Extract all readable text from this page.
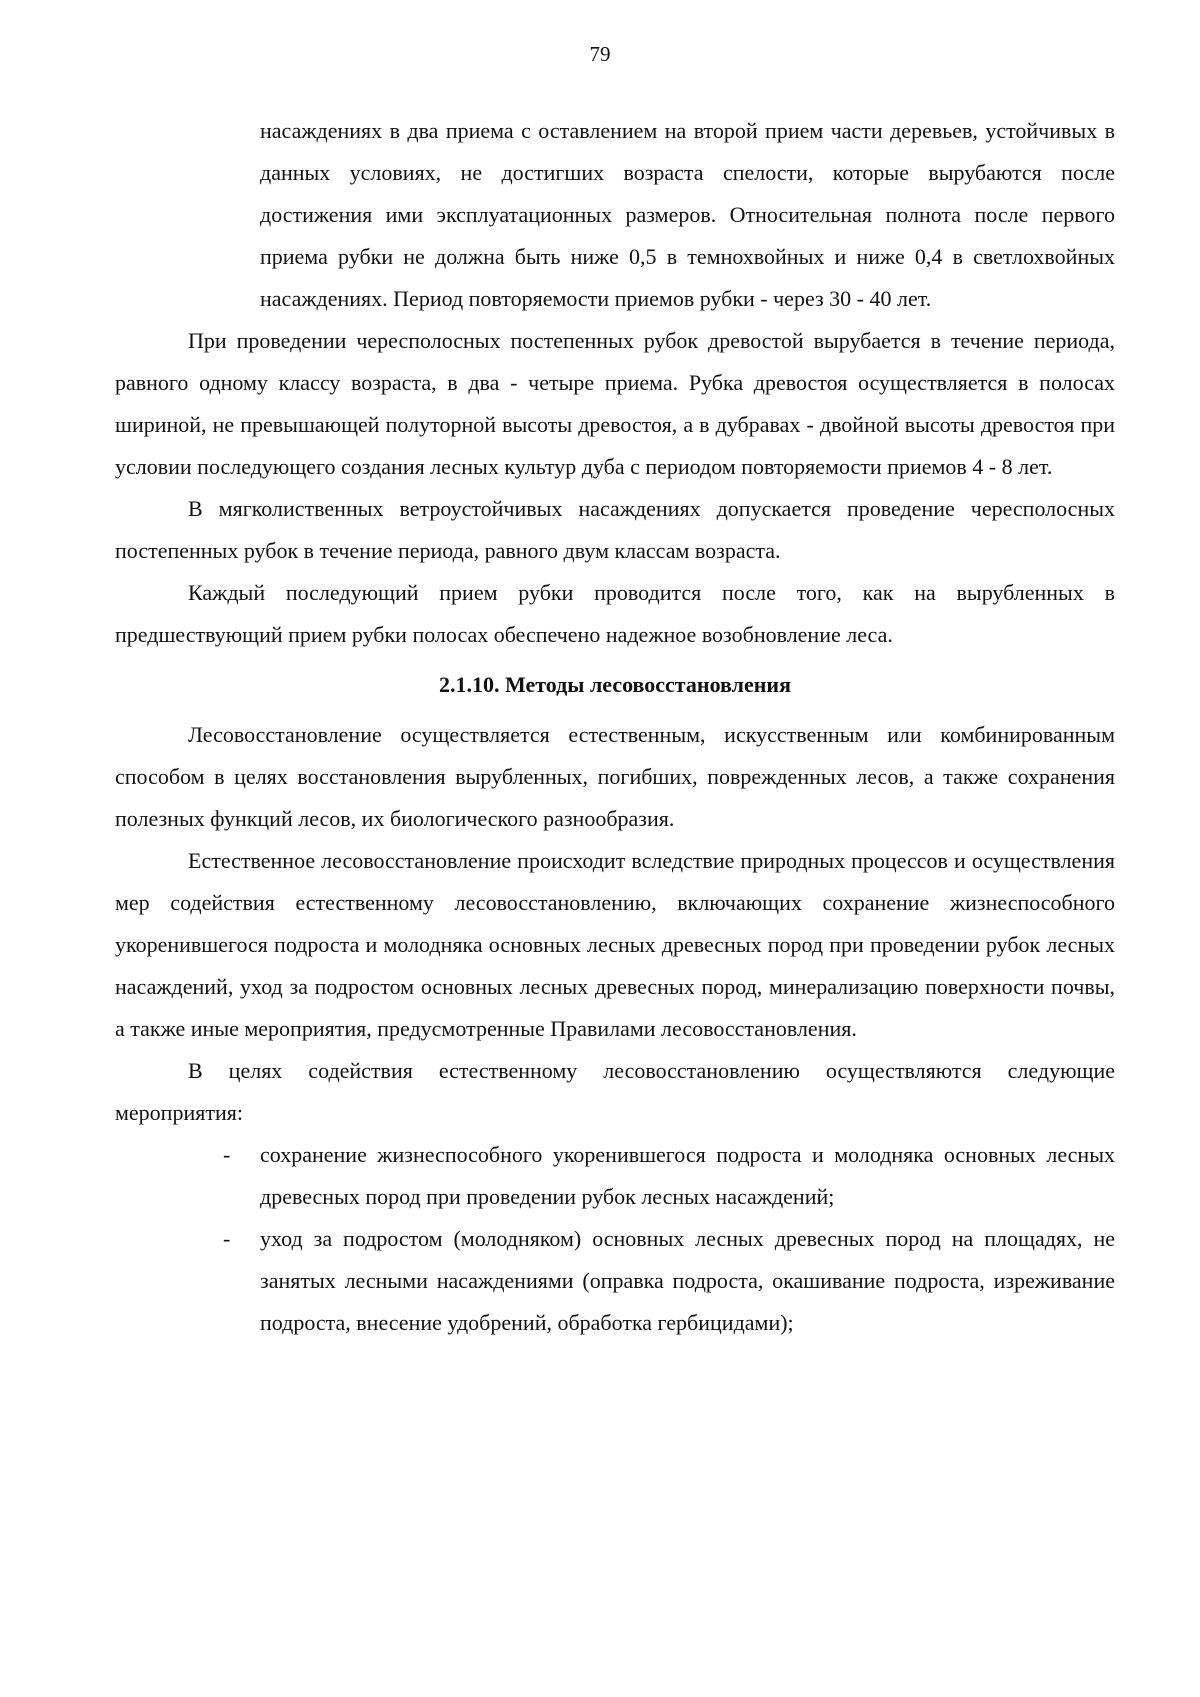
79

насаждениях в два приема с оставлением на второй прием части деревьев, устойчивых в данных условиях, не достигших возраста спелости, которые вырубаются после достижения ими эксплуатационных размеров. Относительная полнота после первого приема рубки не должна быть ниже 0,5 в темнохвойных и ниже 0,4 в светлохвойных насаждениях. Период повторяемости приемов рубки - через 30 - 40 лет.

При проведении чересполосных постепенных рубок древостой вырубается в течение периода, равного одному классу возраста, в два - четыре приема. Рубка древостоя осуществляется в полосах шириной, не превышающей полуторной высоты древостоя, а в дубравах - двойной высоты древостоя при условии последующего создания лесных культур дуба с периодом повторяемости приемов 4 - 8 лет.

В мягколиственных ветроустойчивых насаждениях допускается проведение чересполосных постепенных рубок в течение периода, равного двум классам возраста.

Каждый последующий прием рубки проводится после того, как на вырубленных в предшествующий прием рубки полосах обеспечено надежное возобновление леса.

2.1.10. Методы лесовосстановления

Лесовосстановление осуществляется естественным, искусственным или комбинированным способом в целях восстановления вырубленных, погибших, поврежденных лесов, а также сохранения полезных функций лесов, их биологического разнообразия.

Естественное лесовосстановление происходит вследствие природных процессов и осуществления мер содействия естественному лесовосстановлению, включающих сохранение жизнеспособного укоренившегося подроста и молодняка основных лесных древесных пород при проведении рубок лесных насаждений, уход за подростом основных лесных древесных пород, минерализацию поверхности почвы, а также иные мероприятия, предусмотренные Правилами лесовосстановления.

В целях содействия естественному лесовосстановлению осуществляются следующие мероприятия:

- сохранение жизнеспособного укоренившегося подроста и молодняка основных лесных древесных пород при проведении рубок лесных насаждений;
- уход за подростом (молодняком) основных лесных древесных пород на площадях, не занятых лесными насаждениями (оправка подроста, окашивание подроста, изреживание подроста, внесение удобрений, обработка гербицидами);
